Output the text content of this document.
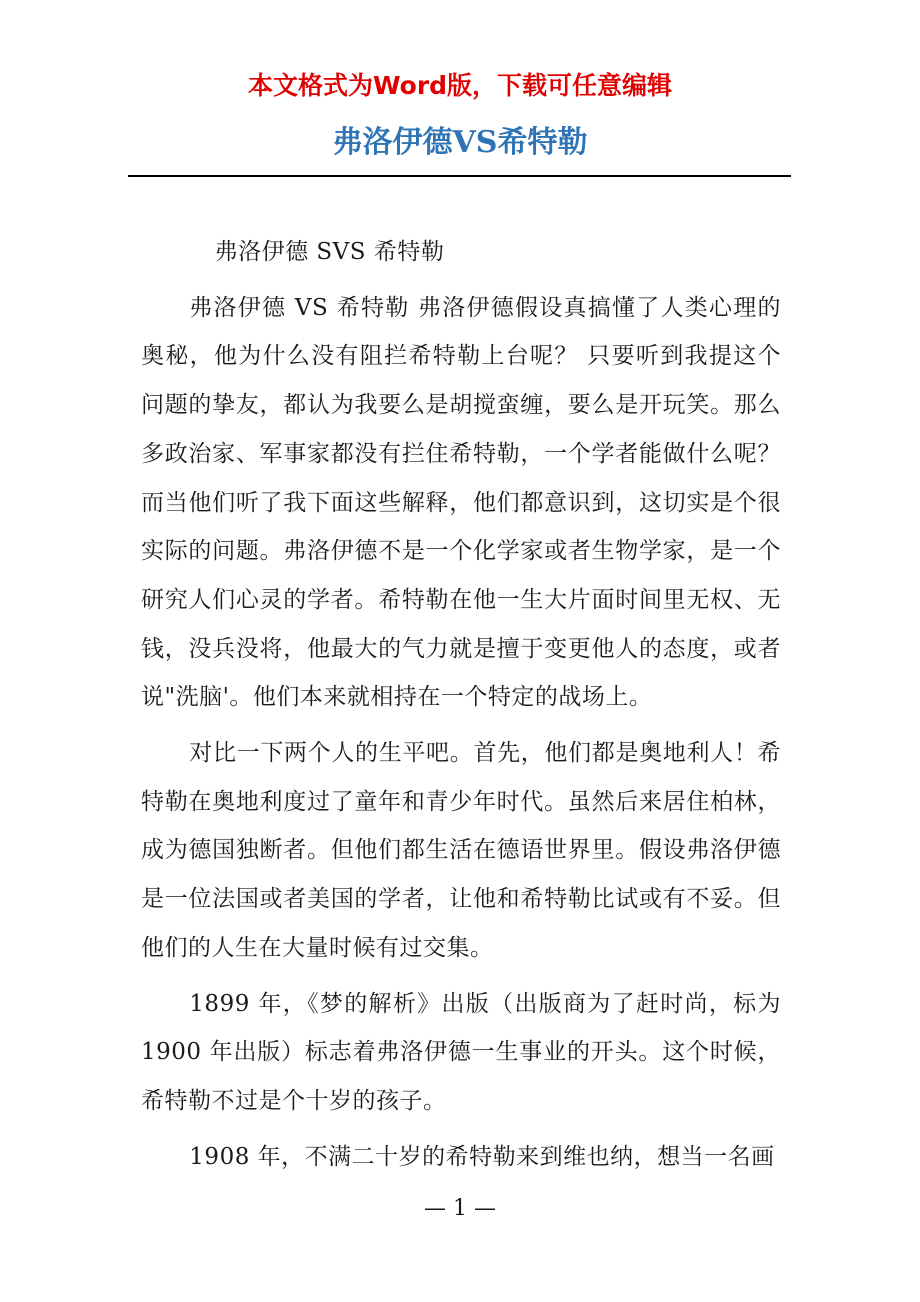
本文格式为Word版，下载可任意编辑
弗洛伊德VS希特勒

弗洛伊德 SVS 希特勒

弗洛伊德 VS 希特勒 弗洛伊德假设真搞懂了人类心理的奥秘，他为什么没有阻拦希特勒上台呢？ 只要听到我提这个问题的挚友，都认为我要么是胡搅蛮缠，要么是开玩笑。那么多政治家、军事家都没有拦住希特勒，一个学者能做什么呢？ 而当他们听了我下面这些解释，他们都意识到，这切实是个很实际的问题。弗洛伊德不是一个化学家或者生物学家，是一个研究人们心灵的学者。希特勒在他一生大片面时间里无权、无钱，没兵没将，他最大的气力就是擅于变更他人的态度，或者说"洗脑'。他们本来就相持在一个特定的战场上。

对比一下两个人的生平吧。首先，他们都是奥地利人！希特勒在奥地利度过了童年和青少年时代。虽然后来居住柏林，成为德国独断者。但他们都生活在德语世界里。假设弗洛伊德是一位法国或者美国的学者，让他和希特勒比试或有不妥。但他们的人生在大量时候有过交集。

1899 年，《梦的解析》出版（出版商为了赶时尚，标为 1900 年出版）标志着弗洛伊德一生事业的开头。这个时候，希特勒不过是个十岁的孩子。

1908 年，不满二十岁的希特勒来到维也纳，想当一名画

— 1 —
